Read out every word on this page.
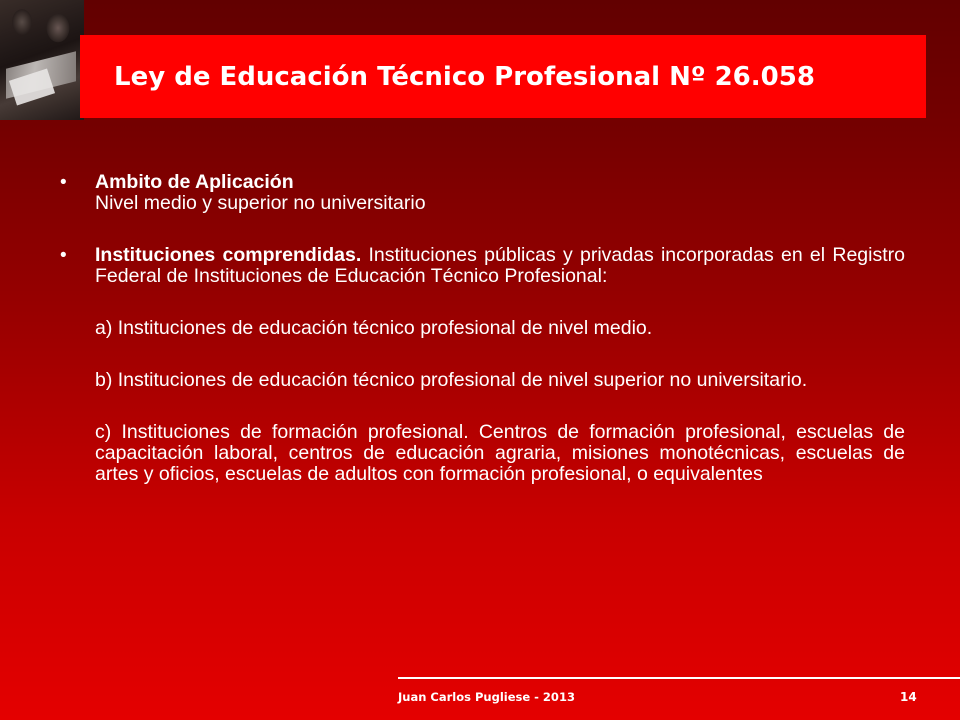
Ley de Educación Técnico Profesional Nº 26.058
•	Ambito de Aplicación
Nivel medio y superior no universitario
•	Instituciones comprendidas. Instituciones públicas y privadas incorporadas en el Registro Federal de Instituciones de Educación Técnico Profesional:
a) Instituciones de educación técnico profesional de nivel medio.
b) Instituciones de educación técnico profesional de nivel superior no universitario.
c) Instituciones de formación profesional. Centros de formación profesional, escuelas de capacitación laboral, centros de educación agraria, misiones monotécnicas, escuelas de artes y oficios, escuelas de adultos con formación profesional, o equivalentes
Juan Carlos Pugliese - 2013	14
